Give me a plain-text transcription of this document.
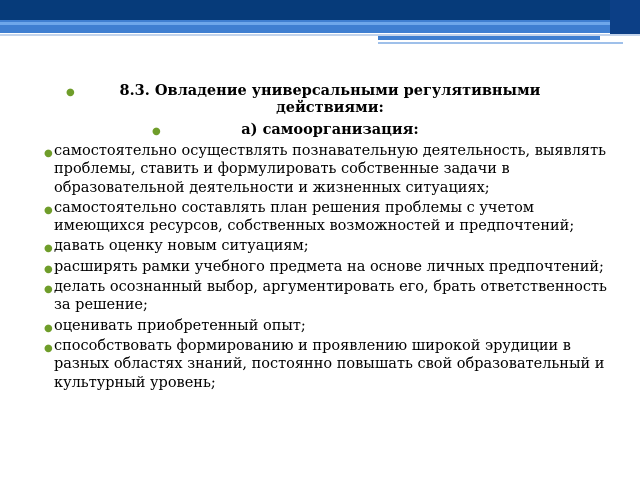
●	8.3. Овладение универсальными регулятивными действиями:
●	а) самоорганизация:
● самостоятельно осуществлять познавательную деятельность, выявлять проблемы, ставить и формулировать собственные задачи в образовательной деятельности и жизненных ситуациях;
● самостоятельно составлять план решения проблемы с учетом имеющихся ресурсов, собственных возможностей и предпочтений;
● давать оценку новым ситуациям;
● расширять рамки учебного предмета на основе личных предпочтений;
● делать осознанный выбор, аргументировать его, брать ответственность за решение;
● оценивать приобретенный опыт;
● способствовать формированию и проявлению широкой эрудиции в разных областях знаний, постоянно повышать свой образовательный и культурный уровень;
